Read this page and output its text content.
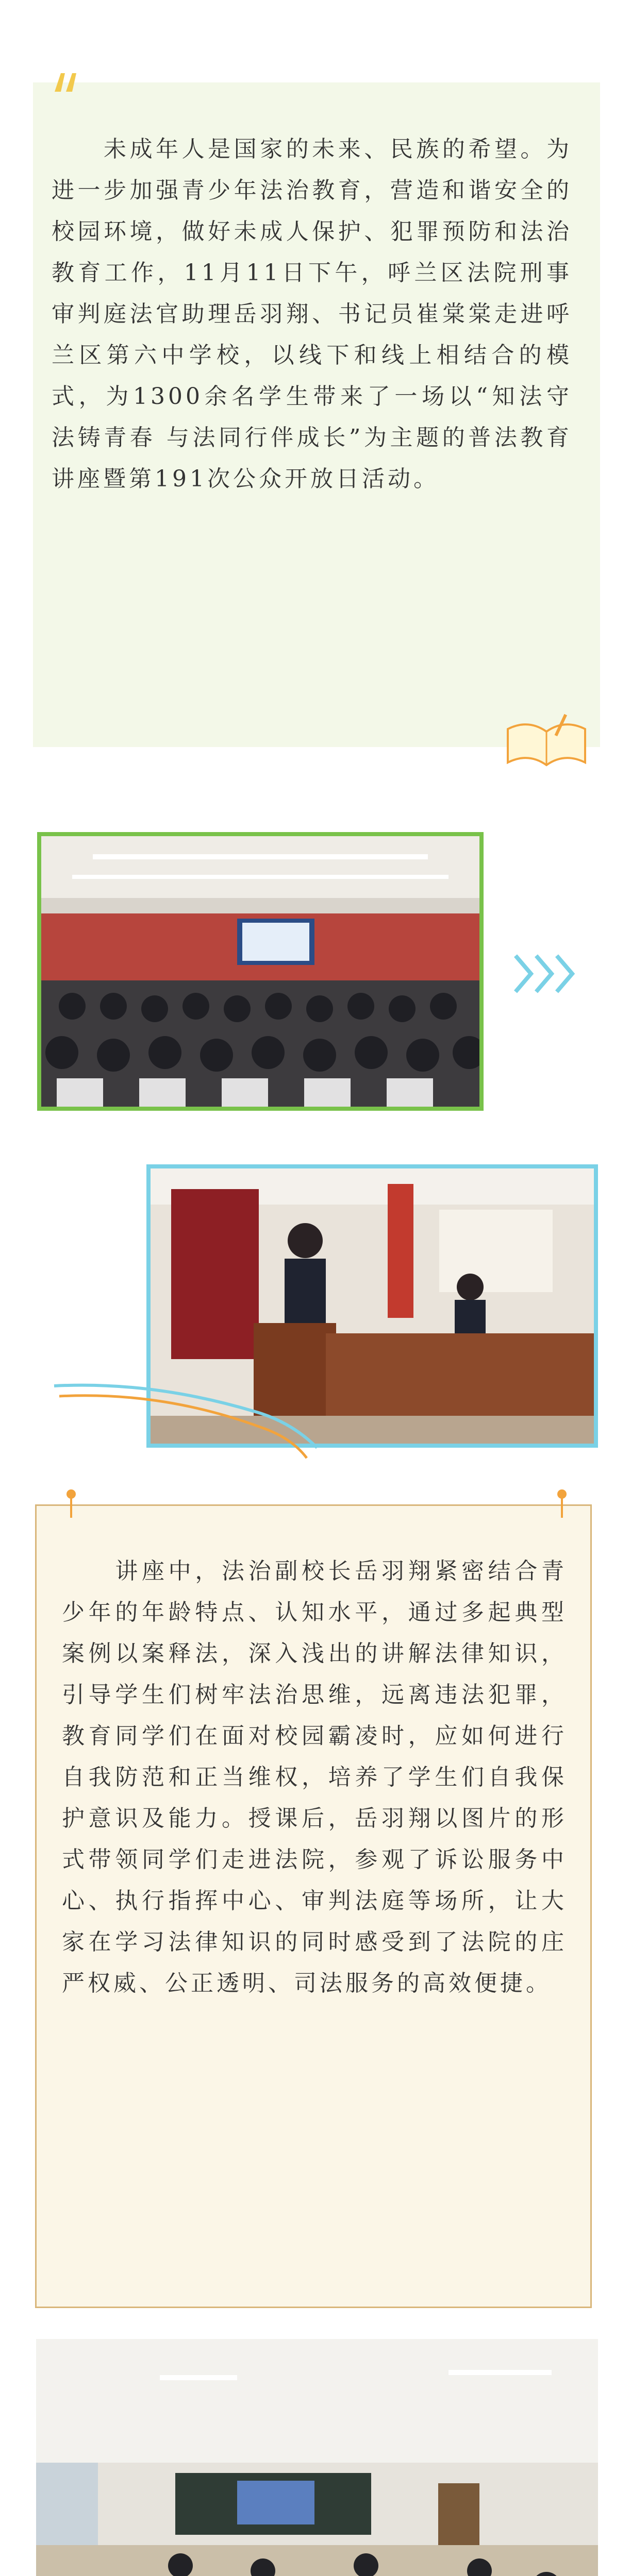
　　未成年人是国家的未来、民族的希望。为进一步加强青少年法治教育，营造和谐安全的校园环境，做好未成人保护、犯罪预防和法治教育工作，11月11日下午，呼兰区法院刑事审判庭法官助理岳羽翔、书记员崔棠棠走进呼兰区第六中学校，以线下和线上相结合的模式，为1300余名学生带来了一场以“知法守法铸青春 与法同行伴成长”为主题的普法教育讲座暨第191次公众开放日活动。
　　讲座中，法治副校长岳羽翔紧密结合青少年的年龄特点、认知水平，通过多起典型案例以案释法，深入浅出的讲解法律知识，引导学生们树牢法治思维，远离违法犯罪，教育同学们在面对校园霸凌时，应如何进行自我防范和正当维权，培养了学生们自我保护意识及能力。授课后，岳羽翔以图片的形式带领同学们走进法院，参观了诉讼服务中心、执行指挥中心、审判法庭等场所，让大家在学习法律知识的同时感受到了法院的庄严权威、公正透明、司法服务的高效便捷。
